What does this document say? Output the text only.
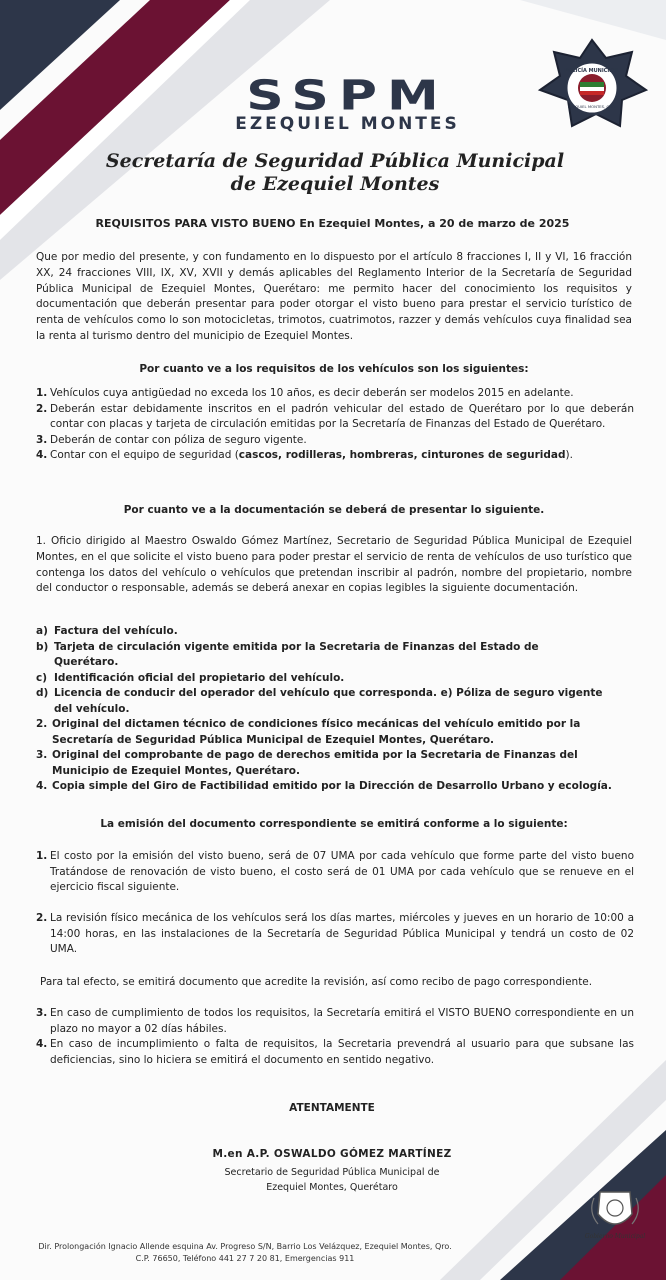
SSPM
EZEQUIEL MONTES
POLICÍA MUNICIPAL
EZEQUIEL MONTES, QRO.
Secretaría de Seguridad Pública Municipal
de Ezequiel Montes
REQUISITOS PARA VISTO BUENO En Ezequiel Montes, a 20 de marzo de 2025
Que por medio del presente, y con fundamento en lo dispuesto por el artículo 8 fracciones I, II y VI, 16 fracción XX, 24 fracciones VIII, IX, XV, XVII y demás aplicables del Reglamento Interior de la Secretaría de Seguridad Pública Municipal de Ezequiel Montes, Querétaro: me permito hacer del conocimiento los requisitos y documentación que deberán presentar para poder otorgar el visto bueno para prestar el servicio turístico de renta de vehículos como lo son motocicletas, trimotos, cuatrimotos, razzer y demás vehículos cuya finalidad sea la renta al turismo dentro del municipio de Ezequiel Montes.
Por cuanto ve a los requisitos de los vehículos son los siguientes:
1. Vehículos cuya antigüedad no exceda los 10 años, es decir deberán ser modelos 2015 en adelante.
2. Deberán estar debidamente inscritos en el padrón vehicular del estado de Querétaro por lo que deberán contar con placas y tarjeta de circulación emitidas por la Secretaría de Finanzas del Estado de Querétaro.
3. Deberán de contar con póliza de seguro vigente.
4. Contar con el equipo de seguridad (cascos, rodilleras, hombreras, cinturones de seguridad).
Por cuanto ve a la documentación se deberá de presentar lo siguiente.
1. Oficio dirigido al Maestro Oswaldo Gómez Martínez, Secretario de Seguridad Pública Municipal de Ezequiel Montes, en el que solicite el visto bueno para poder prestar el servicio de renta de vehículos de uso turístico que contenga los datos del vehículo o vehículos que pretendan inscribir al padrón, nombre del propietario, nombre del conductor o responsable, además se deberá anexar en copias legibles la siguiente documentación.
a) Factura del vehículo.
b) Tarjeta de circulación vigente emitida por la Secretaria de Finanzas del Estado de Querétaro.
c) Identificación oficial del propietario del vehículo.
d) Licencia de conducir del operador del vehículo que corresponda. e) Póliza de seguro vigente del vehículo.
2. Original del dictamen técnico de condiciones físico mecánicas del vehículo emitido por la Secretaría de Seguridad Pública Municipal de Ezequiel Montes, Querétaro.
3. Original del comprobante de pago de derechos emitida por la Secretaria de Finanzas del Municipio de Ezequiel Montes, Querétaro.
4. Copia simple del Giro de Factibilidad emitido por la Dirección de Desarrollo Urbano y ecología.
La emisión del documento correspondiente se emitirá conforme a lo siguiente:
1. El costo por la emisión del visto bueno, será de 07 UMA por cada vehículo que forme parte del visto bueno Tratándose de renovación de visto bueno, el costo será de 01 UMA por cada vehículo que se renueve en el ejercicio fiscal siguiente.
2. La revisión físico mecánica de los vehículos será los días martes, miércoles y jueves en un horario de 10:00 a 14:00 horas, en las instalaciones de la Secretaría de Seguridad Pública Municipal y tendrá un costo de 02 UMA.
Para tal efecto, se emitirá documento que acredite la revisión, así como recibo de pago correspondiente.
3. En caso de cumplimiento de todos los requisitos, la Secretaría emitirá el VISTO BUENO correspondiente en un plazo no mayor a 02 días hábiles.
4. En caso de incumplimiento o falta de requisitos, la Secretaria prevendrá al usuario para que subsane las deficiencias, sino lo hiciera se emitirá el documento en sentido negativo.
ATENTAMENTE
M.en A.P. OSWALDO GÓMEZ MARTÍNEZ
Secretario de Seguridad Pública Municipal de
Ezequiel Montes, Querétaro
Dir. Prolongación Ignacio Allende esquina Av. Progreso S/N, Barrio Los Velázquez, Ezequiel Montes, Qro.
C.P. 76650, Teléfono 441 27 7 20 81, Emergencias 911
Gobierno Municipal
